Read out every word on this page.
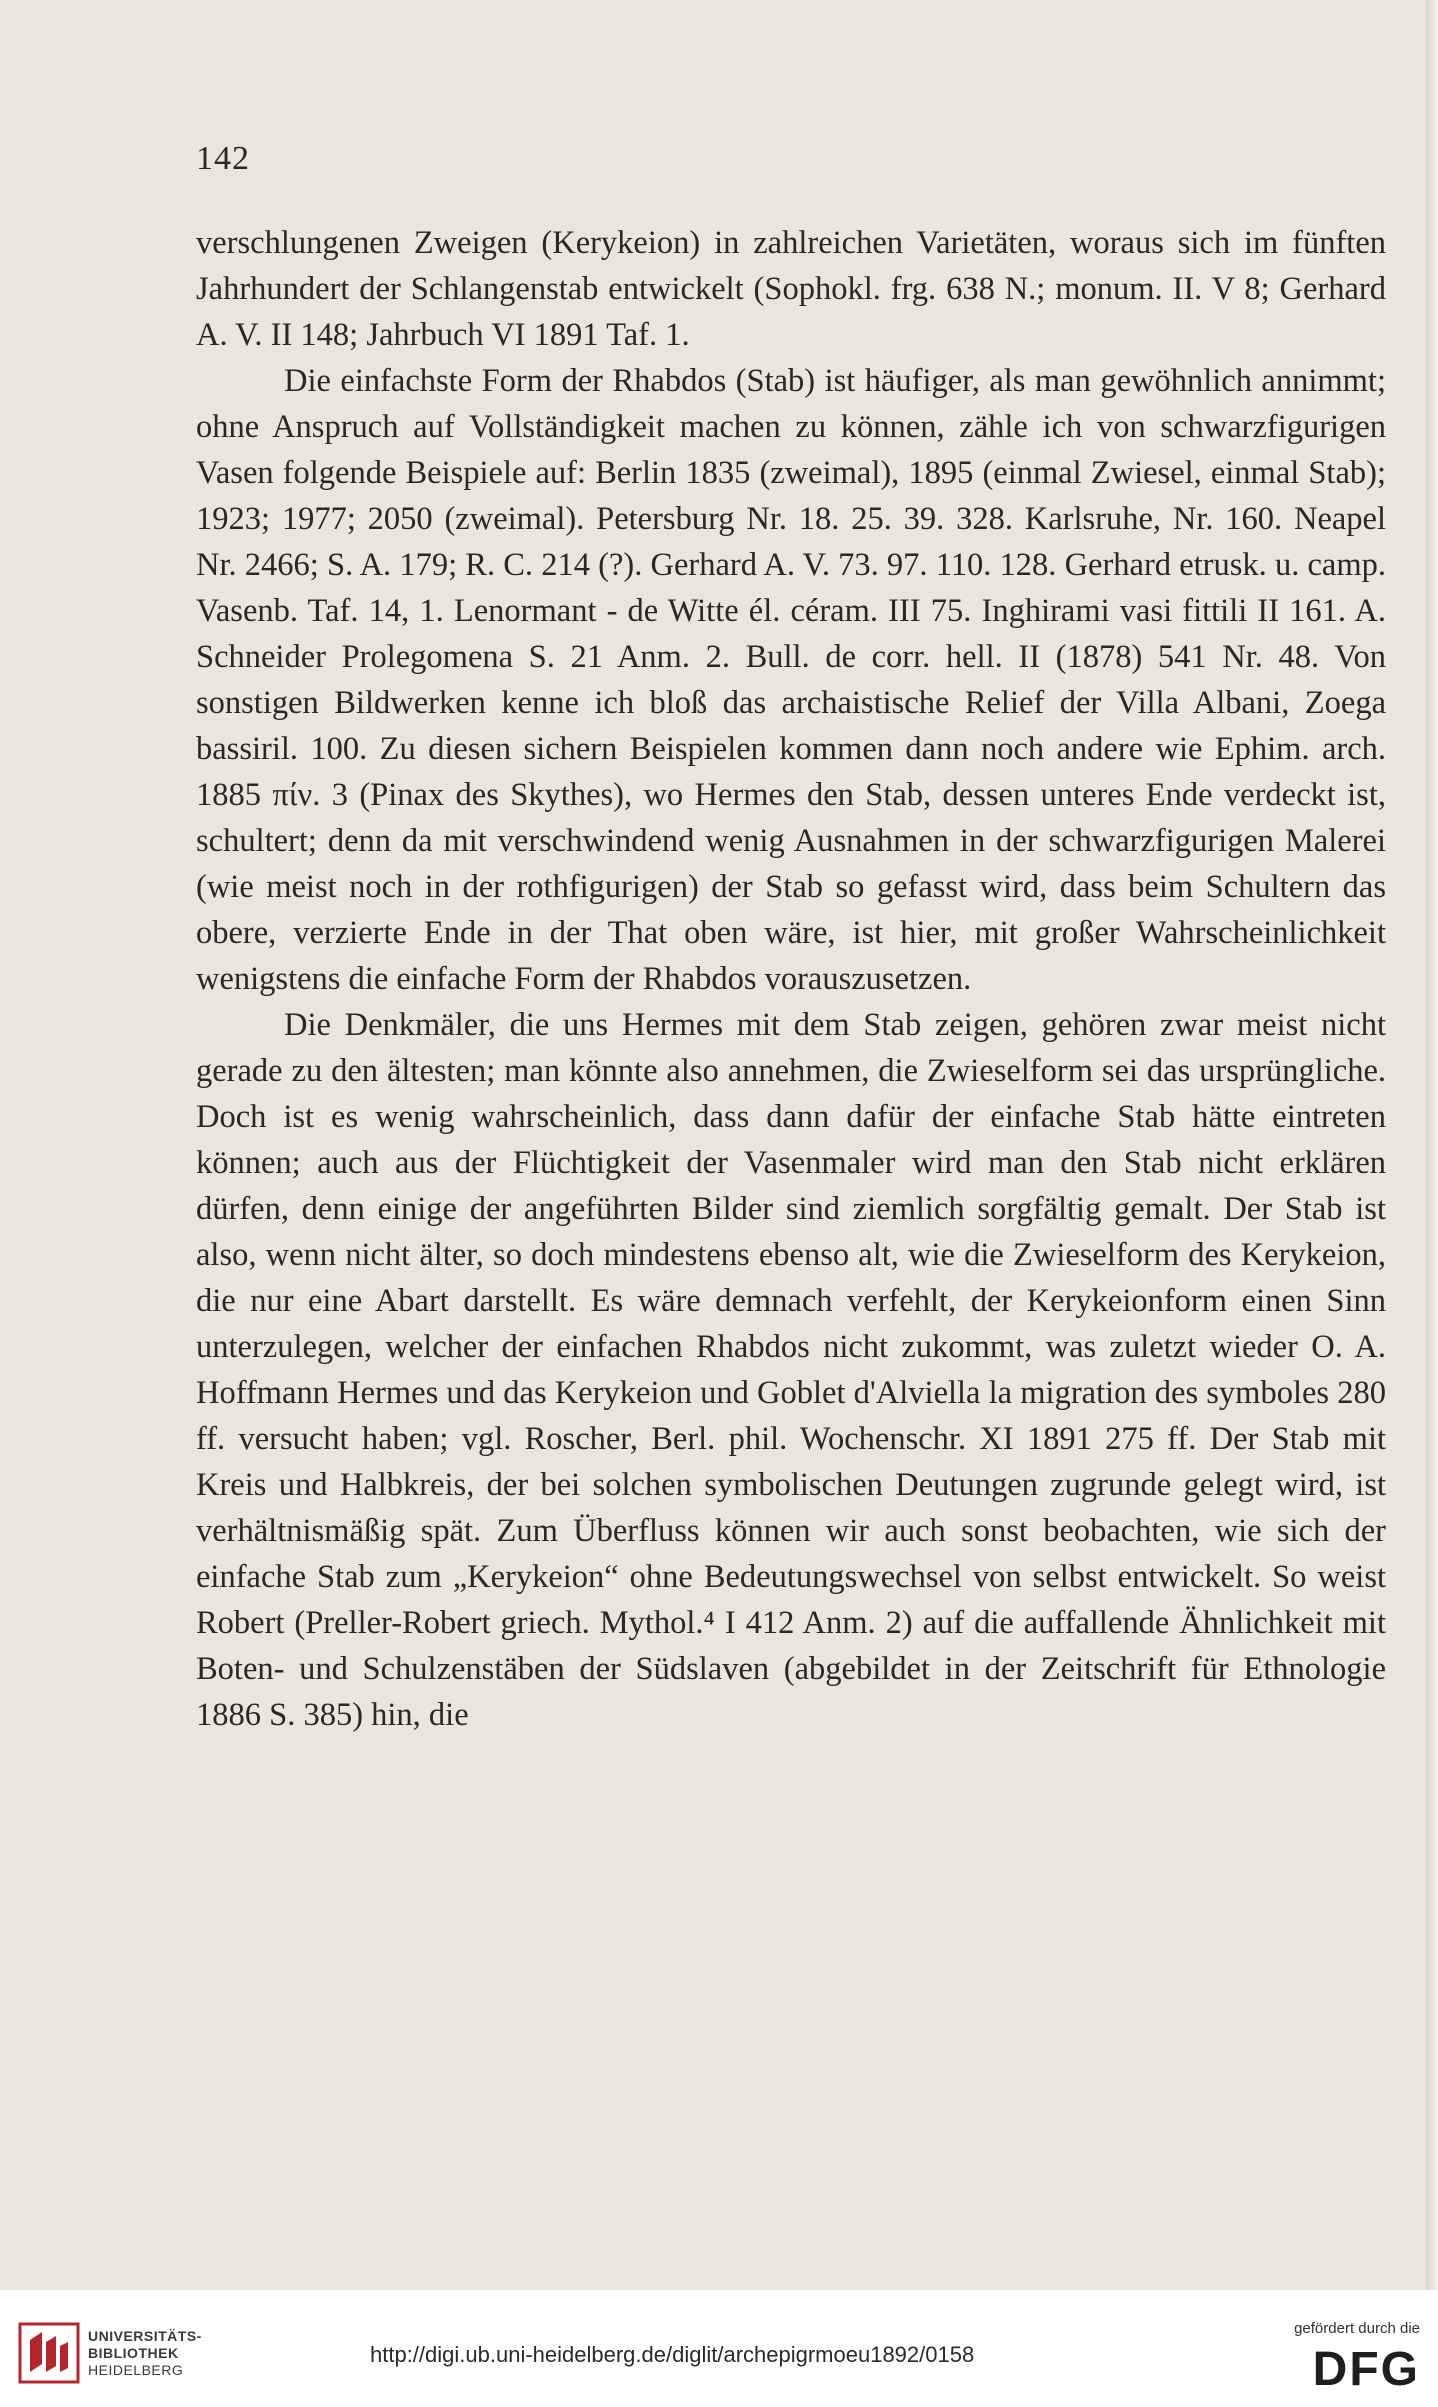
142

verschlungenen Zweigen (Kerykeion) in zahlreichen Varietäten, woraus sich im fünften Jahrhundert der Schlangenstab entwickelt (Sophokl. frg. 638 N.; monum. II. V 8; Gerhard A. V. II 148; Jahrbuch VI 1891 Taf. 1.

Die einfachste Form der Rhabdos (Stab) ist häufiger, als man gewöhnlich annimmt; ohne Anspruch auf Vollständigkeit machen zu können, zähle ich von schwarzfigurigen Vasen folgende Beispiele auf: Berlin 1835 (zweimal), 1895 (einmal Zwiesel, einmal Stab); 1923; 1977; 2050 (zweimal). Petersburg Nr. 18. 25. 39. 328. Karlsruhe, Nr. 160. Neapel Nr. 2466; S. A. 179; R. C. 214 (?). Gerhard A. V. 73. 97. 110. 128. Gerhard etrusk. u. camp. Vasenb. Taf. 14, 1. Lenormant - de Witte él. céram. III 75. Inghirami vasi fittili II 161. A. Schneider Prolegomena S. 21 Anm. 2. Bull. de corr. hell. II (1878) 541 Nr. 48. Von sonstigen Bildwerken kenne ich bloß das archaistische Relief der Villa Albani, Zoega bassiril. 100. Zu diesen sichern Beispielen kommen dann noch andere wie Ephim. arch. 1885 πίν. 3 (Pinax des Skythes), wo Hermes den Stab, dessen unteres Ende verdeckt ist, schultert; denn da mit verschwindend wenig Ausnahmen in der schwarzfigurigen Malerei (wie meist noch in der rothfigurigen) der Stab so gefasst wird, dass beim Schultern das obere, verzierte Ende in der That oben wäre, ist hier, mit großer Wahrscheinlichkeit wenigstens die einfache Form der Rhabdos vorauszusetzen.

Die Denkmäler, die uns Hermes mit dem Stab zeigen, gehören zwar meist nicht gerade zu den ältesten; man könnte also annehmen, die Zwieselform sei das ursprüngliche. Doch ist es wenig wahrscheinlich, dass dann dafür der einfache Stab hätte eintreten können; auch aus der Flüchtigkeit der Vasenmaler wird man den Stab nicht erklären dürfen, denn einige der angeführten Bilder sind ziemlich sorgfältig gemalt. Der Stab ist also, wenn nicht älter, so doch mindestens ebenso alt, wie die Zwieselform des Kerykeion, die nur eine Abart darstellt. Es wäre demnach verfehlt, der Kerykeionform einen Sinn unterzulegen, welcher der einfachen Rhabdos nicht zukommt, was zuletzt wieder O. A. Hoffmann Hermes und das Kerykeion und Goblet d'Alviella la migration des symboles 280 ff. versucht haben; vgl. Roscher, Berl. phil. Wochenschr. XI 1891 275 ff. Der Stab mit Kreis und Halbkreis, der bei solchen symbolischen Deutungen zugrunde gelegt wird, ist verhältnismäßig spät. Zum Überfluss können wir auch sonst beobachten, wie sich der einfache Stab zum „Kerykeion“ ohne Bedeutungswechsel von selbst entwickelt. So weist Robert (Preller-Robert griech. Mythol.⁴ I 412 Anm. 2) auf die auffallende Ähnlichkeit mit Boten- und Schulzenstäben der Südslaven (abgebildet in der Zeitschrift für Ethnologie 1886 S. 385) hin, die

UNIVERSITÄTS-
BIBLIOTHEK

HEIDELBERG
http://digi.ub.uni-heidelberg.de/diglit/archepigrmoeu1892/0158
gefördert durch die
DFG
